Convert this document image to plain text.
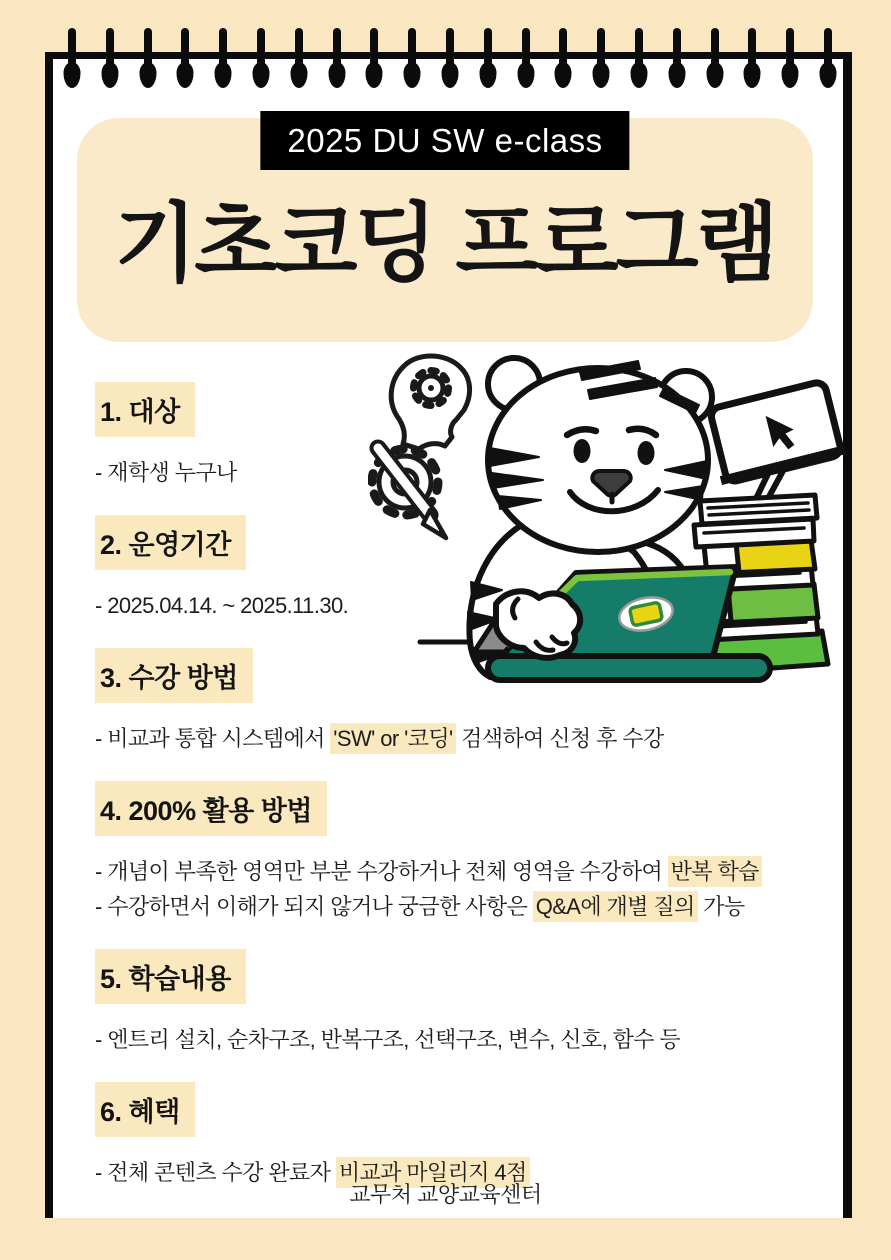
2025 DU SW e-class
기초코딩 프로그램
1. 대상
- 재학생 누구나
2. 운영기간
- 2025.04.14. ~ 2025.11.30.
3. 수강 방법
- 비교과 통합 시스템에서 'SW' or '코딩' 검색하여 신청 후 수강
4. 200% 활용 방법
- 개념이 부족한 영역만 부분 수강하거나 전체 영역을 수강하여 반복 학습
- 수강하면서 이해가 되지 않거나 궁금한 사항은 Q&A에 개별 질의 가능
5. 학습내용
- 엔트리 설치, 순차구조, 반복구조, 선택구조, 변수, 신호, 함수 등
6. 혜택
- 전체 콘텐츠 수강 완료자 비교과 마일리지 4점
교무처 교양교육센터
